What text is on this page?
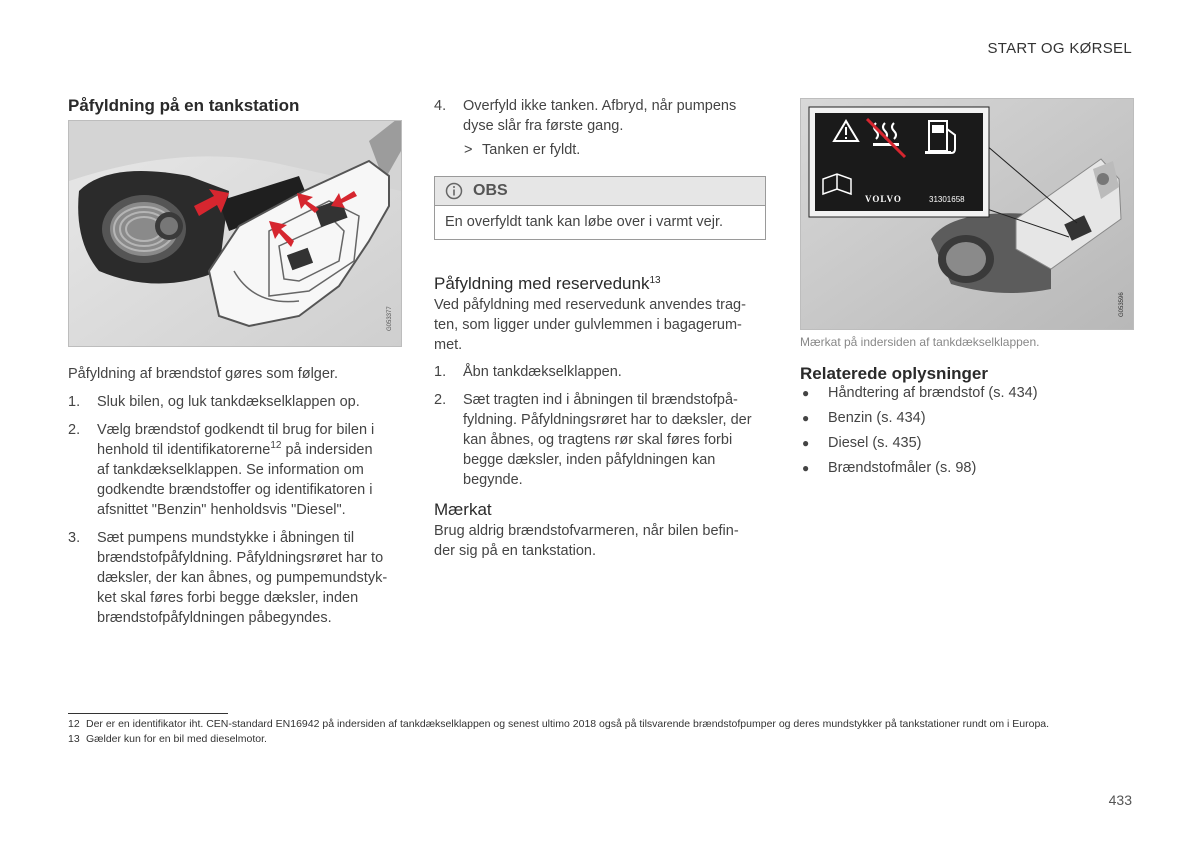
START OG KØRSEL
Påfyldning på en tankstation
G053377
Påfyldning af brændstof gøres som følger.
1. Sluk bilen, og luk tankdækselklappen op.
2. Vælg brændstof godkendt til brug for bilen i
henhold til identifikatorerne$^{12}$ på indersiden
af tankdækselklappen. Se information om
godkendte brændstoffer og identifikatoren i
afsnittet "Benzin" henholdsvis "Diesel".
3. Sæt pumpens mundstykke i åbningen til
brændstofpåfyldning. Påfyldningsrøret har to
dæksler, der kan åbnes, og pumpemundstyk-
ket skal føres forbi begge dæksler, inden
brændstofpåfyldningen påbegyndes.
4. Overfyld ikke tanken. Afbryd, når pumpens
dyse slår fra første gang.
> Tanken er fyldt.
OBS
En overfyldt tank kan løbe over i varmt vejr.
Påfyldning med reservedunk$^{13}$
Ved påfyldning med reservedunk anvendes trag-
ten, som ligger under gulvlemmen i bagagerum-
met.
1. Åbn tankdækselklappen.
2. Sæt tragten ind i åbningen til brændstofpå-
fyldning. Påfyldningsrøret har to dæksler, der
kan åbnes, og tragtens rør skal føres forbi
begge dæksler, inden påfyldningen kan
begynde.
Mærkat
Brug aldrig brændstofvarmeren, når bilen befin-
der sig på en tankstation.
VOLVO	31301658
G053596
Mærkat på indersiden af tankdækselklappen.
Relaterede oplysninger
● Håndtering af brændstof (s. 434)
● Benzin (s. 434)
● Diesel (s. 435)
● Brændstofmåler (s. 98)
12 Der er en identifikator iht. CEN-standard EN16942 på indersiden af tankdækselklappen og senest ultimo 2018 også på tilsvarende brændstofpumper og deres mundstykker på tankstationer rundt om i Europa.
13 Gælder kun for en bil med dieselmotor.
433
